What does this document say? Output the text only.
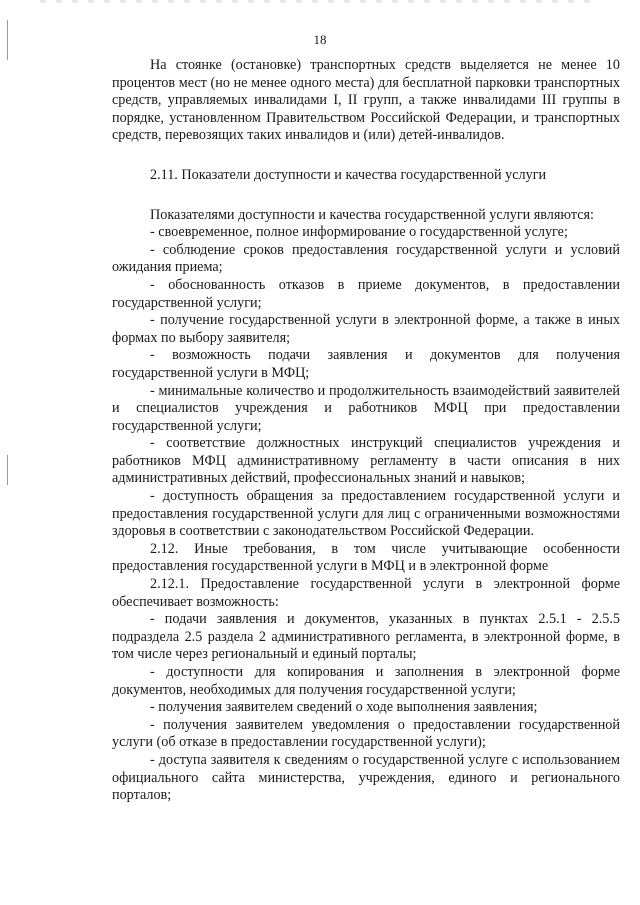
18

На стоянке (остановке) транспортных средств выделяется не менее 10 процентов мест (но не менее одного места) для бесплатной парковки транспортных средств, управляемых инвалидами I, II групп, а также инвалидами III группы в порядке, установленном Правительством Российской Федерации, и транспортных средств, перевозящих таких инвалидов и (или) детей-инвалидов.

2.11. Показатели доступности и качества государственной услуги

Показателями доступности и качества государственной услуги являются:

- своевременное, полное информирование о государственной услуге;

- соблюдение сроков предоставления государственной услуги и условий ожидания приема;

- обоснованность отказов в приеме документов, в предоставлении государственной услуги;

- получение государственной услуги в электронной форме, а также в иных формах по выбору заявителя;

- возможность подачи заявления и документов для получения государственной услуги в МФЦ;

- минимальные количество и продолжительность взаимодействий заявителей и специалистов учреждения и работников МФЦ при предоставлении государственной услуги;

- соответствие должностных инструкций специалистов учреждения и работников МФЦ административному регламенту в части описания в них административных действий, профессиональных знаний и навыков;

- доступность обращения за предоставлением государственной услуги и предоставления государственной услуги для лиц с ограниченными возможностями здоровья в соответствии с законодательством Российской Федерации.

2.12. Иные требования, в том числе учитывающие особенности предоставления государственной услуги в МФЦ и в электронной форме

2.12.1. Предоставление государственной услуги в электронной форме обеспечивает возможность:

- подачи заявления и документов, указанных в пунктах 2.5.1 - 2.5.5 подраздела 2.5 раздела 2 административного регламента, в электронной форме, в том числе через региональный и единый порталы;

- доступности для копирования и заполнения в электронной форме документов, необходимых для получения государственной услуги;

- получения заявителем сведений о ходе выполнения заявления;

- получения заявителем уведомления о предоставлении государственной услуги (об отказе в предоставлении государственной услуги);

- доступа заявителя к сведениям о государственной услуге с использованием официального сайта министерства, учреждения, единого и регионального порталов;
